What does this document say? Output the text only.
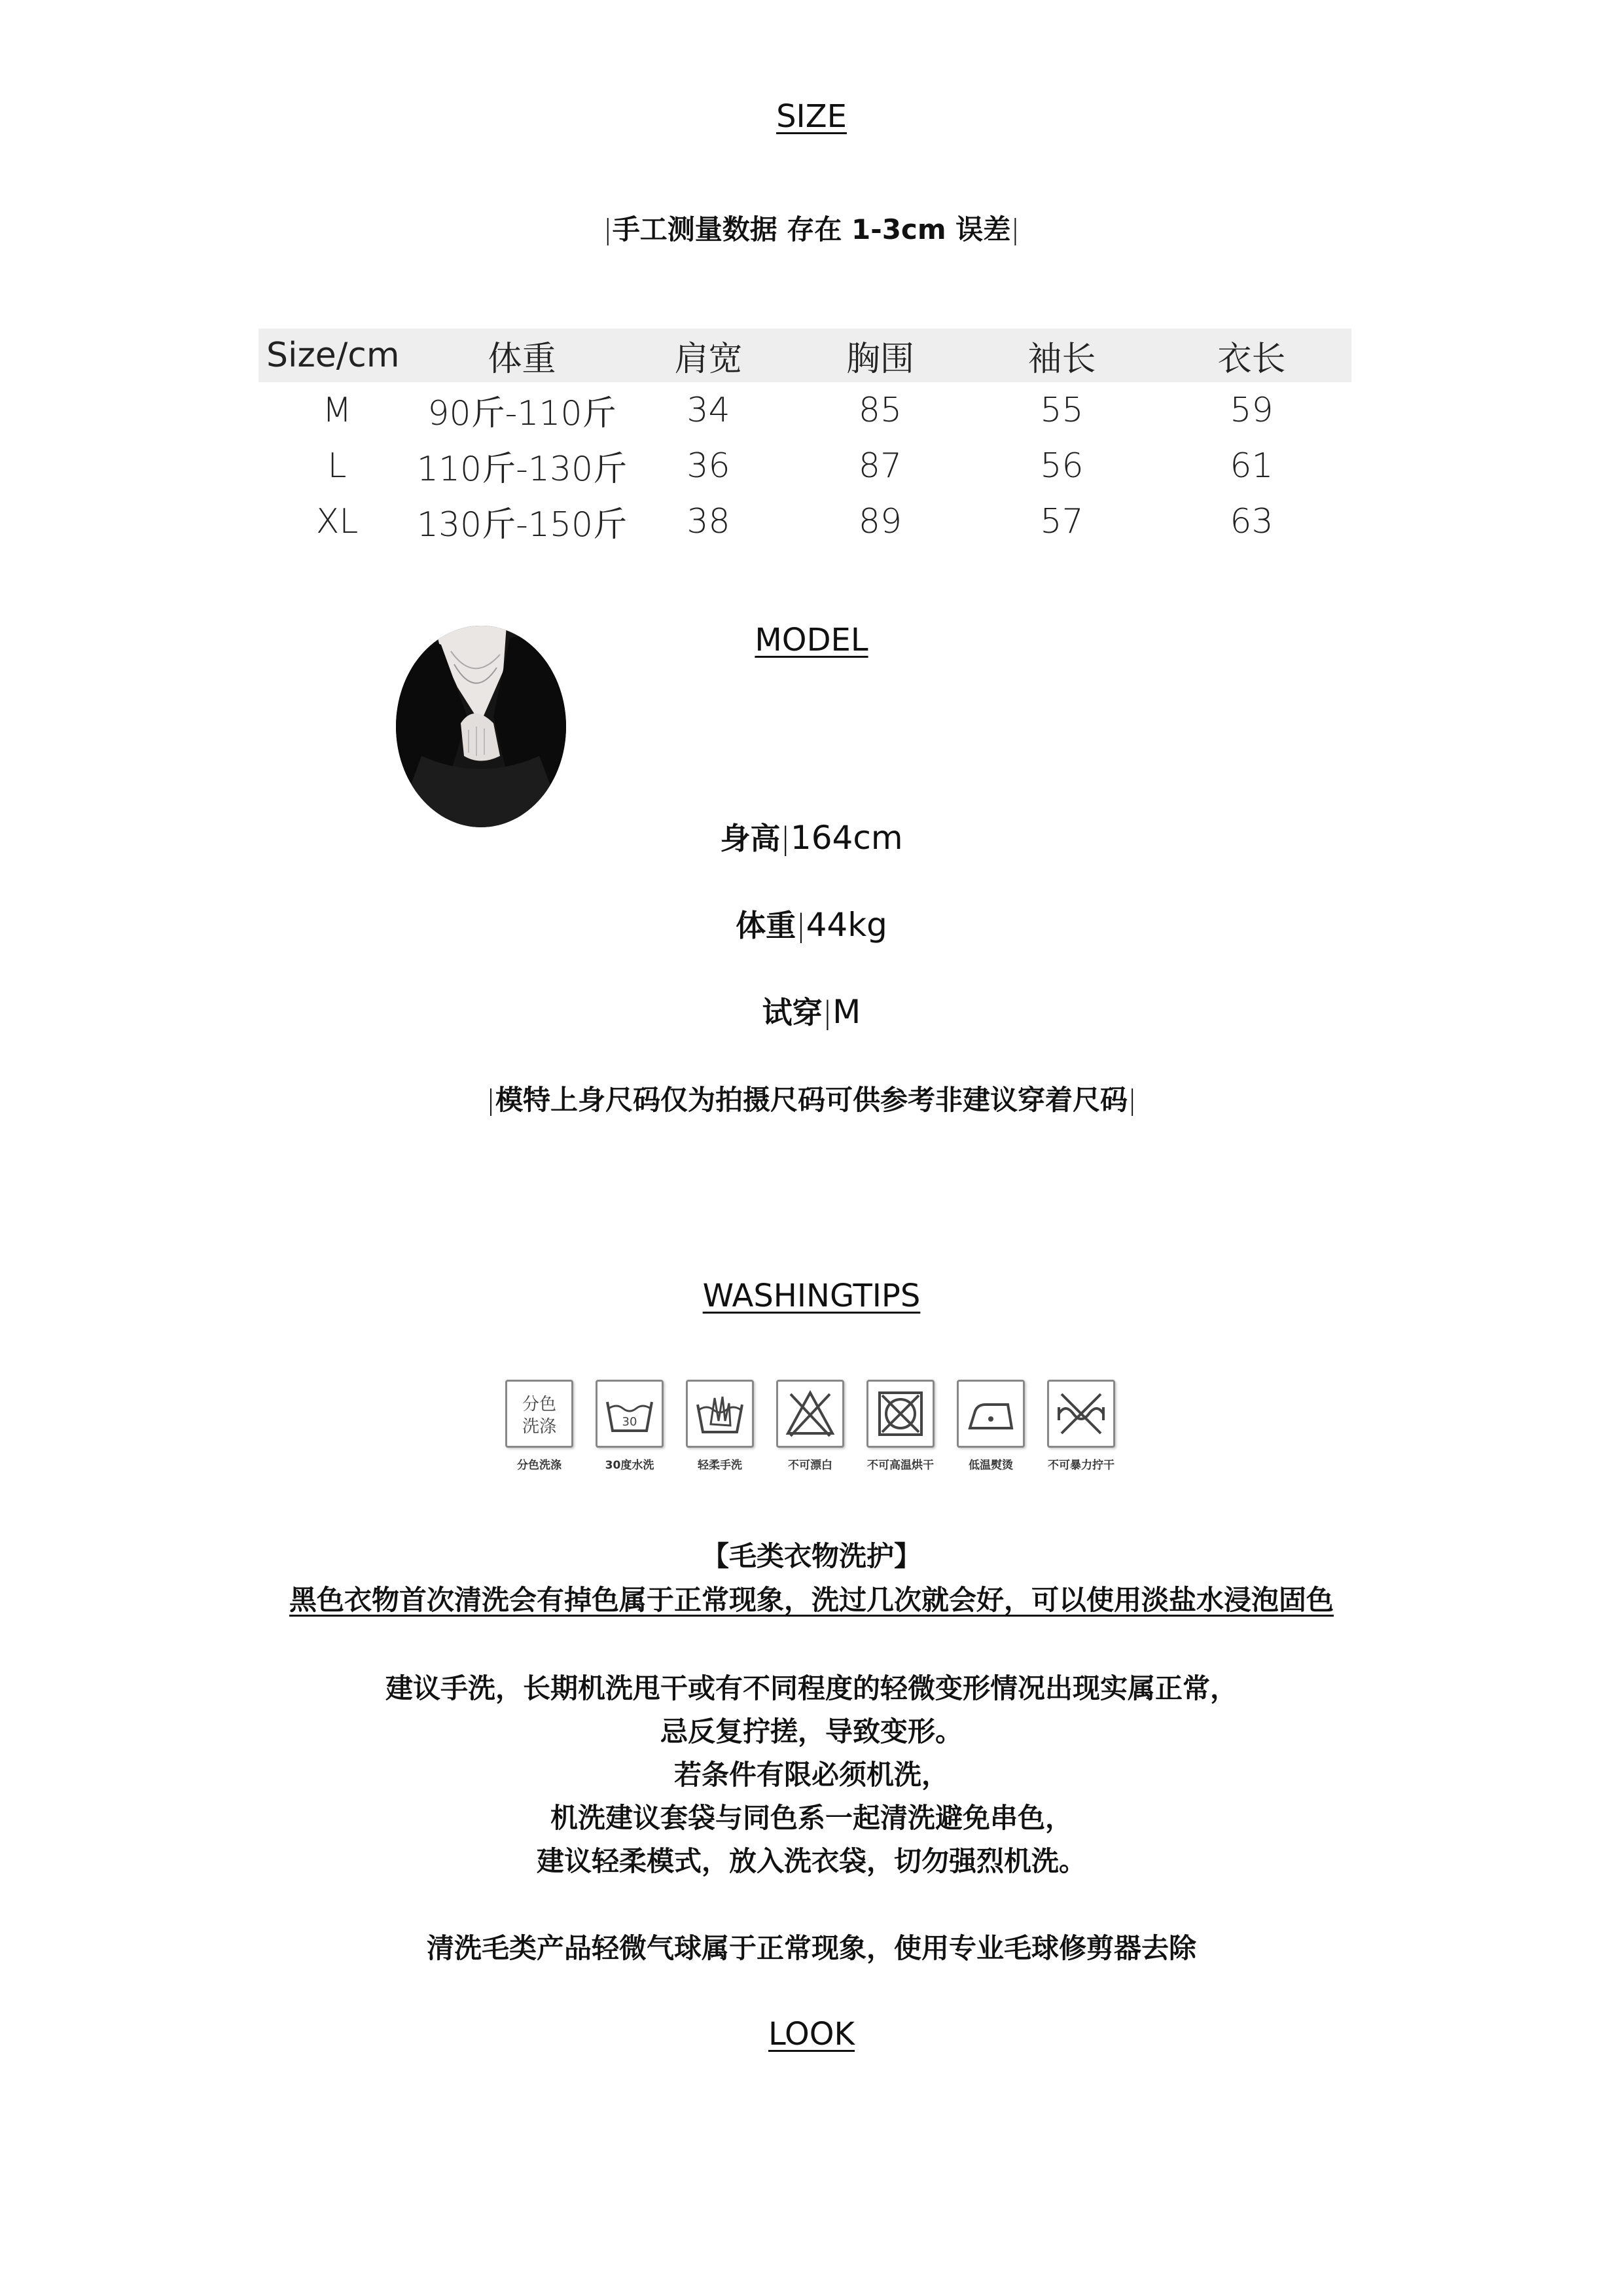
SIZE
|手工测量数据 存在 1-3cm 误差|
Size/cm	体重	肩宽	胸围	袖长	衣长
M	90斤-110斤	34	85	55	59
L	110斤-130斤	36	87	56	61
XL	130斤-150斤	38	89	57	63
MODEL
身高|164cm
体重|44kg
试穿|M
|模特上身尺码仅为拍摄尺码可供参考非建议穿着尺码|
WASHINGTIPS
分色
洗涤
分色洗涤
30
30度水洗	轻柔手洗	不可漂白	不可高温烘干	低温熨烫	不可暴力拧干
【毛类衣物洗护】
黑色衣物首次清洗会有掉色属于正常现象，洗过几次就会好，可以使用淡盐水浸泡固色
建议手洗，长期机洗甩干或有不同程度的轻微变形情况出现实属正常，
忌反复拧搓，导致变形。
若条件有限必须机洗，
机洗建议套袋与同色系一起清洗避免串色，
建议轻柔模式，放入洗衣袋，切勿强烈机洗。
清洗毛类产品轻微气球属于正常现象，使用专业毛球修剪器去除
LOOK
